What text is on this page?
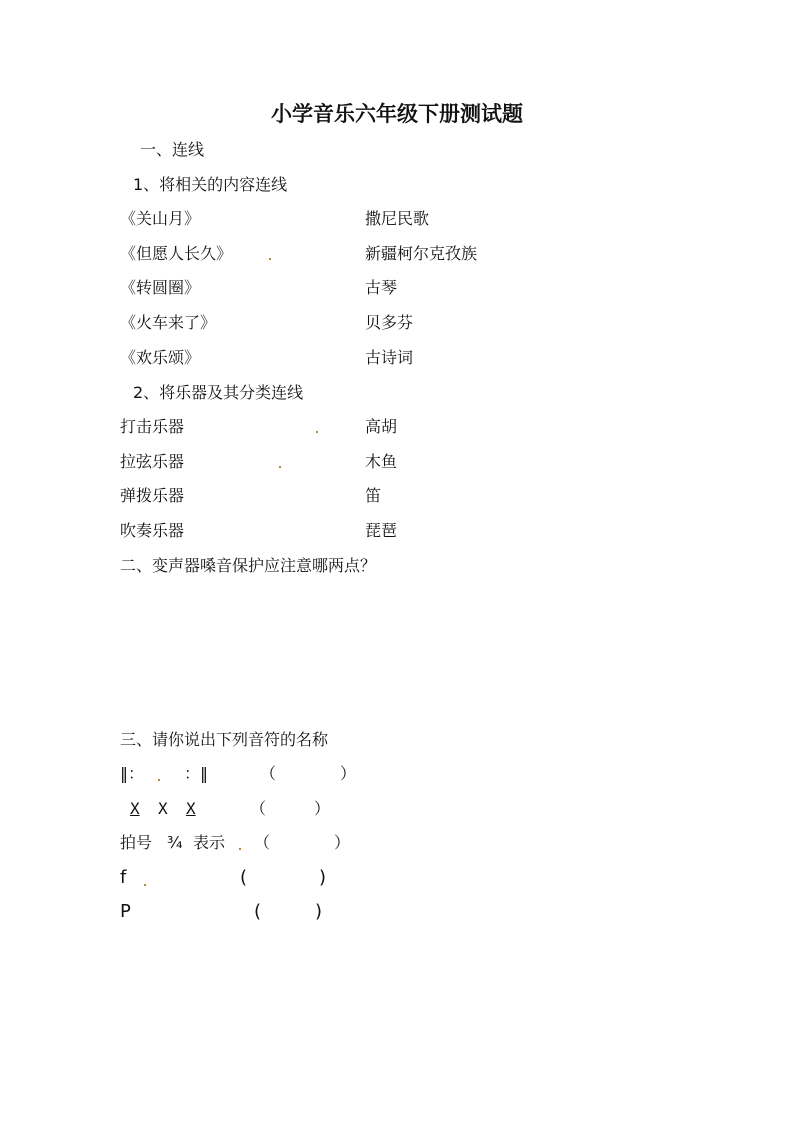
小学音乐六年级下册测试题
一、连线
1、将相关的内容连线
《关山月》	撒尼民歌
《但愿人长久》	新疆柯尔克孜族
《转圆圈》	古琴
《火车来了》	贝多芬
《欢乐颂》	古诗词
2、将乐器及其分类连线
打击乐器	高胡
拉弦乐器	木鱼
弹拨乐器	笛
吹奏乐器	琵琶
二、变声器嗓音保护应注意哪两点？
三、请你说出下列音符的名称
‖： ：‖	（　　　　）
X X X	（　　　）
拍号 ¾ 表示 （　　　　）
f	(　　　　)
P	(　　　)
